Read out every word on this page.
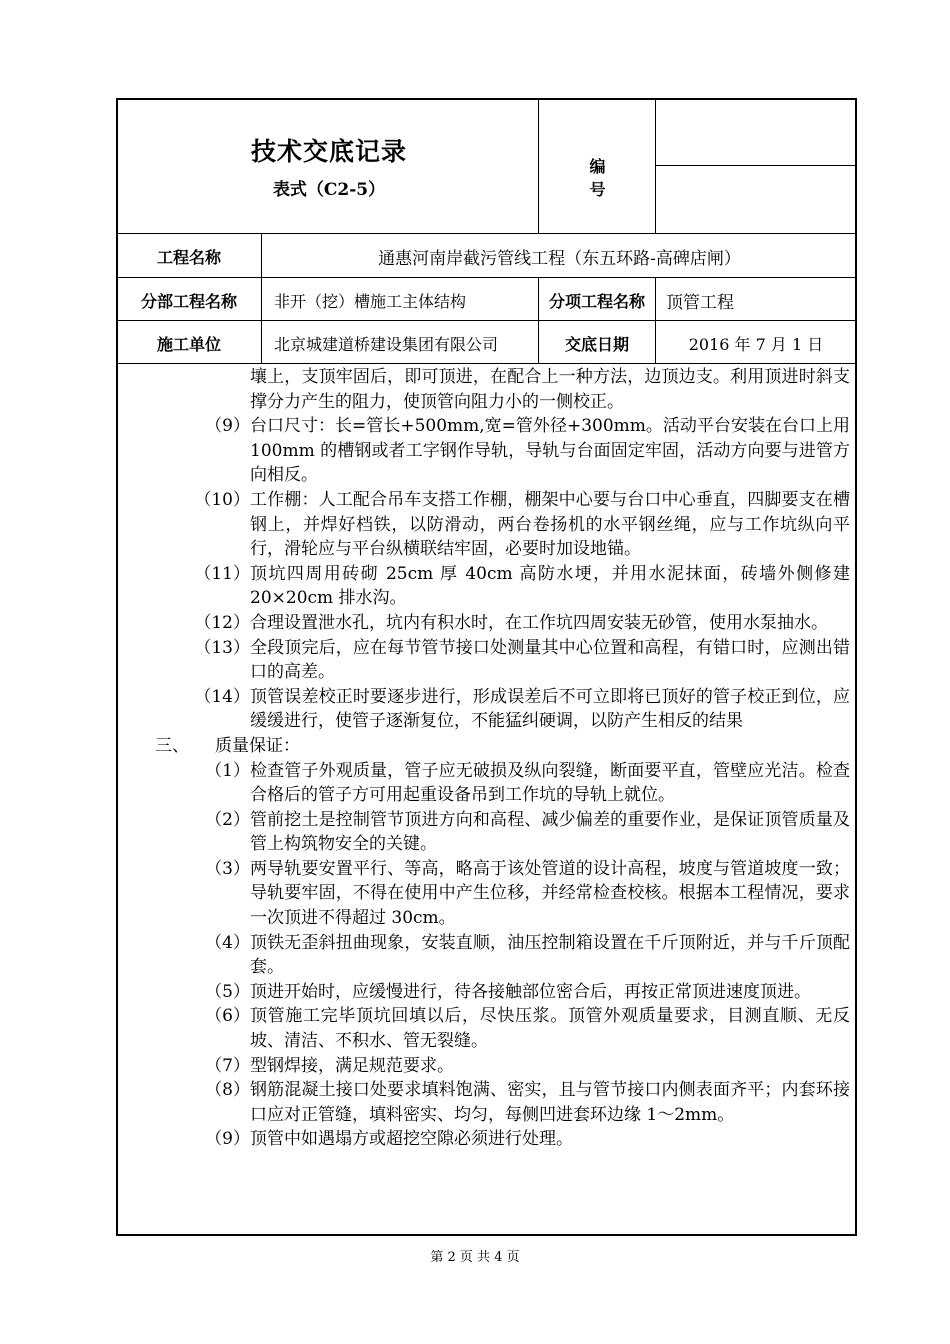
技术交底记录
表式（C2-5）
编　号
工程名称	通惠河南岸截污管线工程（东五环路-高碑店闸）
分部工程名称	非开（挖）槽施工主体结构	分项工程名称	顶管工程
施工单位	北京城建道桥建设集团有限公司	交底日期	2016 年 7 月 1 日
壤上，支顶牢固后，即可顶进，在配合上一种方法，边顶边支。利用顶进时斜支撑分力产生的阻力，使顶管向阻力小的一侧校正。
（9） 台口尺寸：长=管长+500mm,宽=管外径+300mm。活动平台安装在台口上用 100mm 的槽钢或者工字钢作导轨，导轨与台面固定牢固，活动方向要与进管方向相反。
（10） 工作棚：人工配合吊车支搭工作棚，棚架中心要与台口中心垂直，四脚要支在槽钢上，并焊好档铁，以防滑动，两台卷扬机的水平钢丝绳，应与工作坑纵向平行，滑轮应与平台纵横联结牢固，必要时加设地锚。
（11） 顶坑四周用砖砌 25cm 厚 40cm 高防水埂，并用水泥抹面，砖墙外侧修建 20×20cm 排水沟。
（12） 合理设置泄水孔，坑内有积水时，在工作坑四周安装无砂管，使用水泵抽水。
（13） 全段顶完后，应在每节管节接口处测量其中心位置和高程，有错口时，应测出错口的高差。
（14） 顶管误差校正时要逐步进行，形成误差后不可立即将已顶好的管子校正到位，应缓缓进行，使管子逐渐复位，不能猛纠硬调，以防产生相反的结果
三、 质量保证：
（1） 检查管子外观质量，管子应无破损及纵向裂缝，断面要平直，管壁应光洁。检查合格后的管子方可用起重设备吊到工作坑的导轨上就位。
（2） 管前挖土是控制管节顶进方向和高程、减少偏差的重要作业，是保证顶管质量及管上构筑物安全的关键。
（3） 两导轨要安置平行、等高，略高于该处管道的设计高程，坡度与管道坡度一致；导轨要牢固，不得在使用中产生位移，并经常检查校核。根据本工程情况，要求一次顶进不得超过 30cm。
（4） 顶铁无歪斜扭曲现象，安装直顺，油压控制箱设置在千斤顶附近，并与千斤顶配套。
（5） 顶进开始时，应缓慢进行，待各接触部位密合后，再按正常顶进速度顶进。
（6） 顶管施工完毕顶坑回填以后，尽快压浆。顶管外观质量要求，目测直顺、无反坡、清洁、不积水、管无裂缝。
（7） 型钢焊接，满足规范要求。
（8） 钢筋混凝土接口处要求填料饱满、密实，且与管节接口内侧表面齐平；内套环接口应对正管缝，填料密实、均匀，每侧凹进套环边缘 1～2mm。
（9） 顶管中如遇塌方或超挖空隙必须进行处理。
第 2 页 共 4 页
